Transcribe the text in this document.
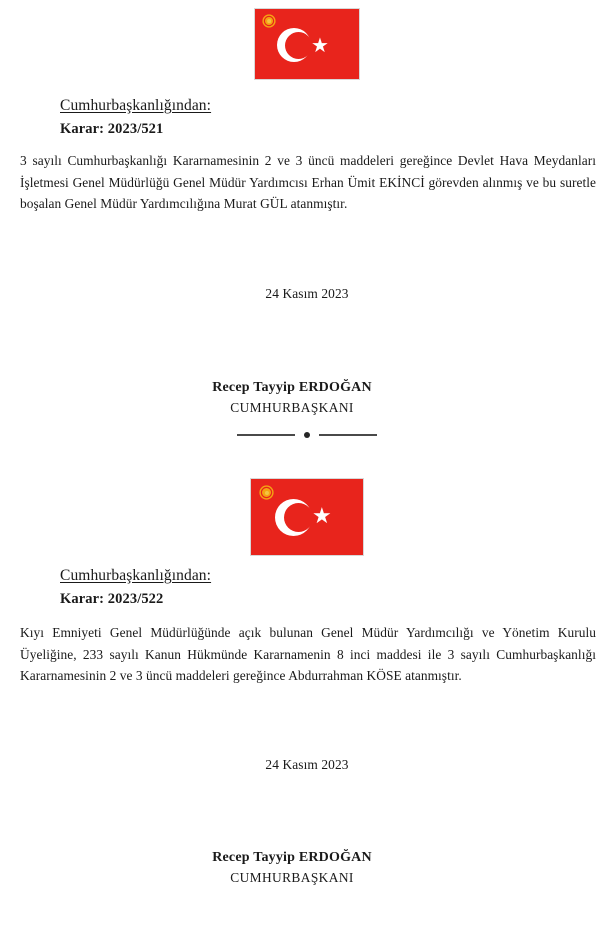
★

Cumhurbaşkanlığından:

Karar: 2023/521

3 sayılı Cumhurbaşkanlığı Kararnamesinin 2 ve 3 üncü maddeleri gereğince Devlet Hava Meydanları İşletmesi Genel Müdürlüğü Genel Müdür Yardımcısı Erhan Ümit EKİNCİ görevden alınmış ve bu suretle boşalan Genel Müdür Yardımcılığına Murat GÜL atanmıştır.

24 Kasım 2023

Recep Tayyip ERDOĞAN

CUMHURBAŞKANI

★

Cumhurbaşkanlığından:

Karar: 2023/522

Kıyı Emniyeti Genel Müdürlüğünde açık bulunan Genel Müdür Yardımcılığı ve Yönetim Kurulu Üyeliğine, 233 sayılı Kanun Hükmünde Kararnamenin 8 inci maddesi ile 3 sayılı Cumhurbaşkanlığı Kararnamesinin 2 ve 3 üncü maddeleri gereğince Abdurrahman KÖSE atanmıştır.

24 Kasım 2023

Recep Tayyip ERDOĞAN

CUMHURBAŞKANI
